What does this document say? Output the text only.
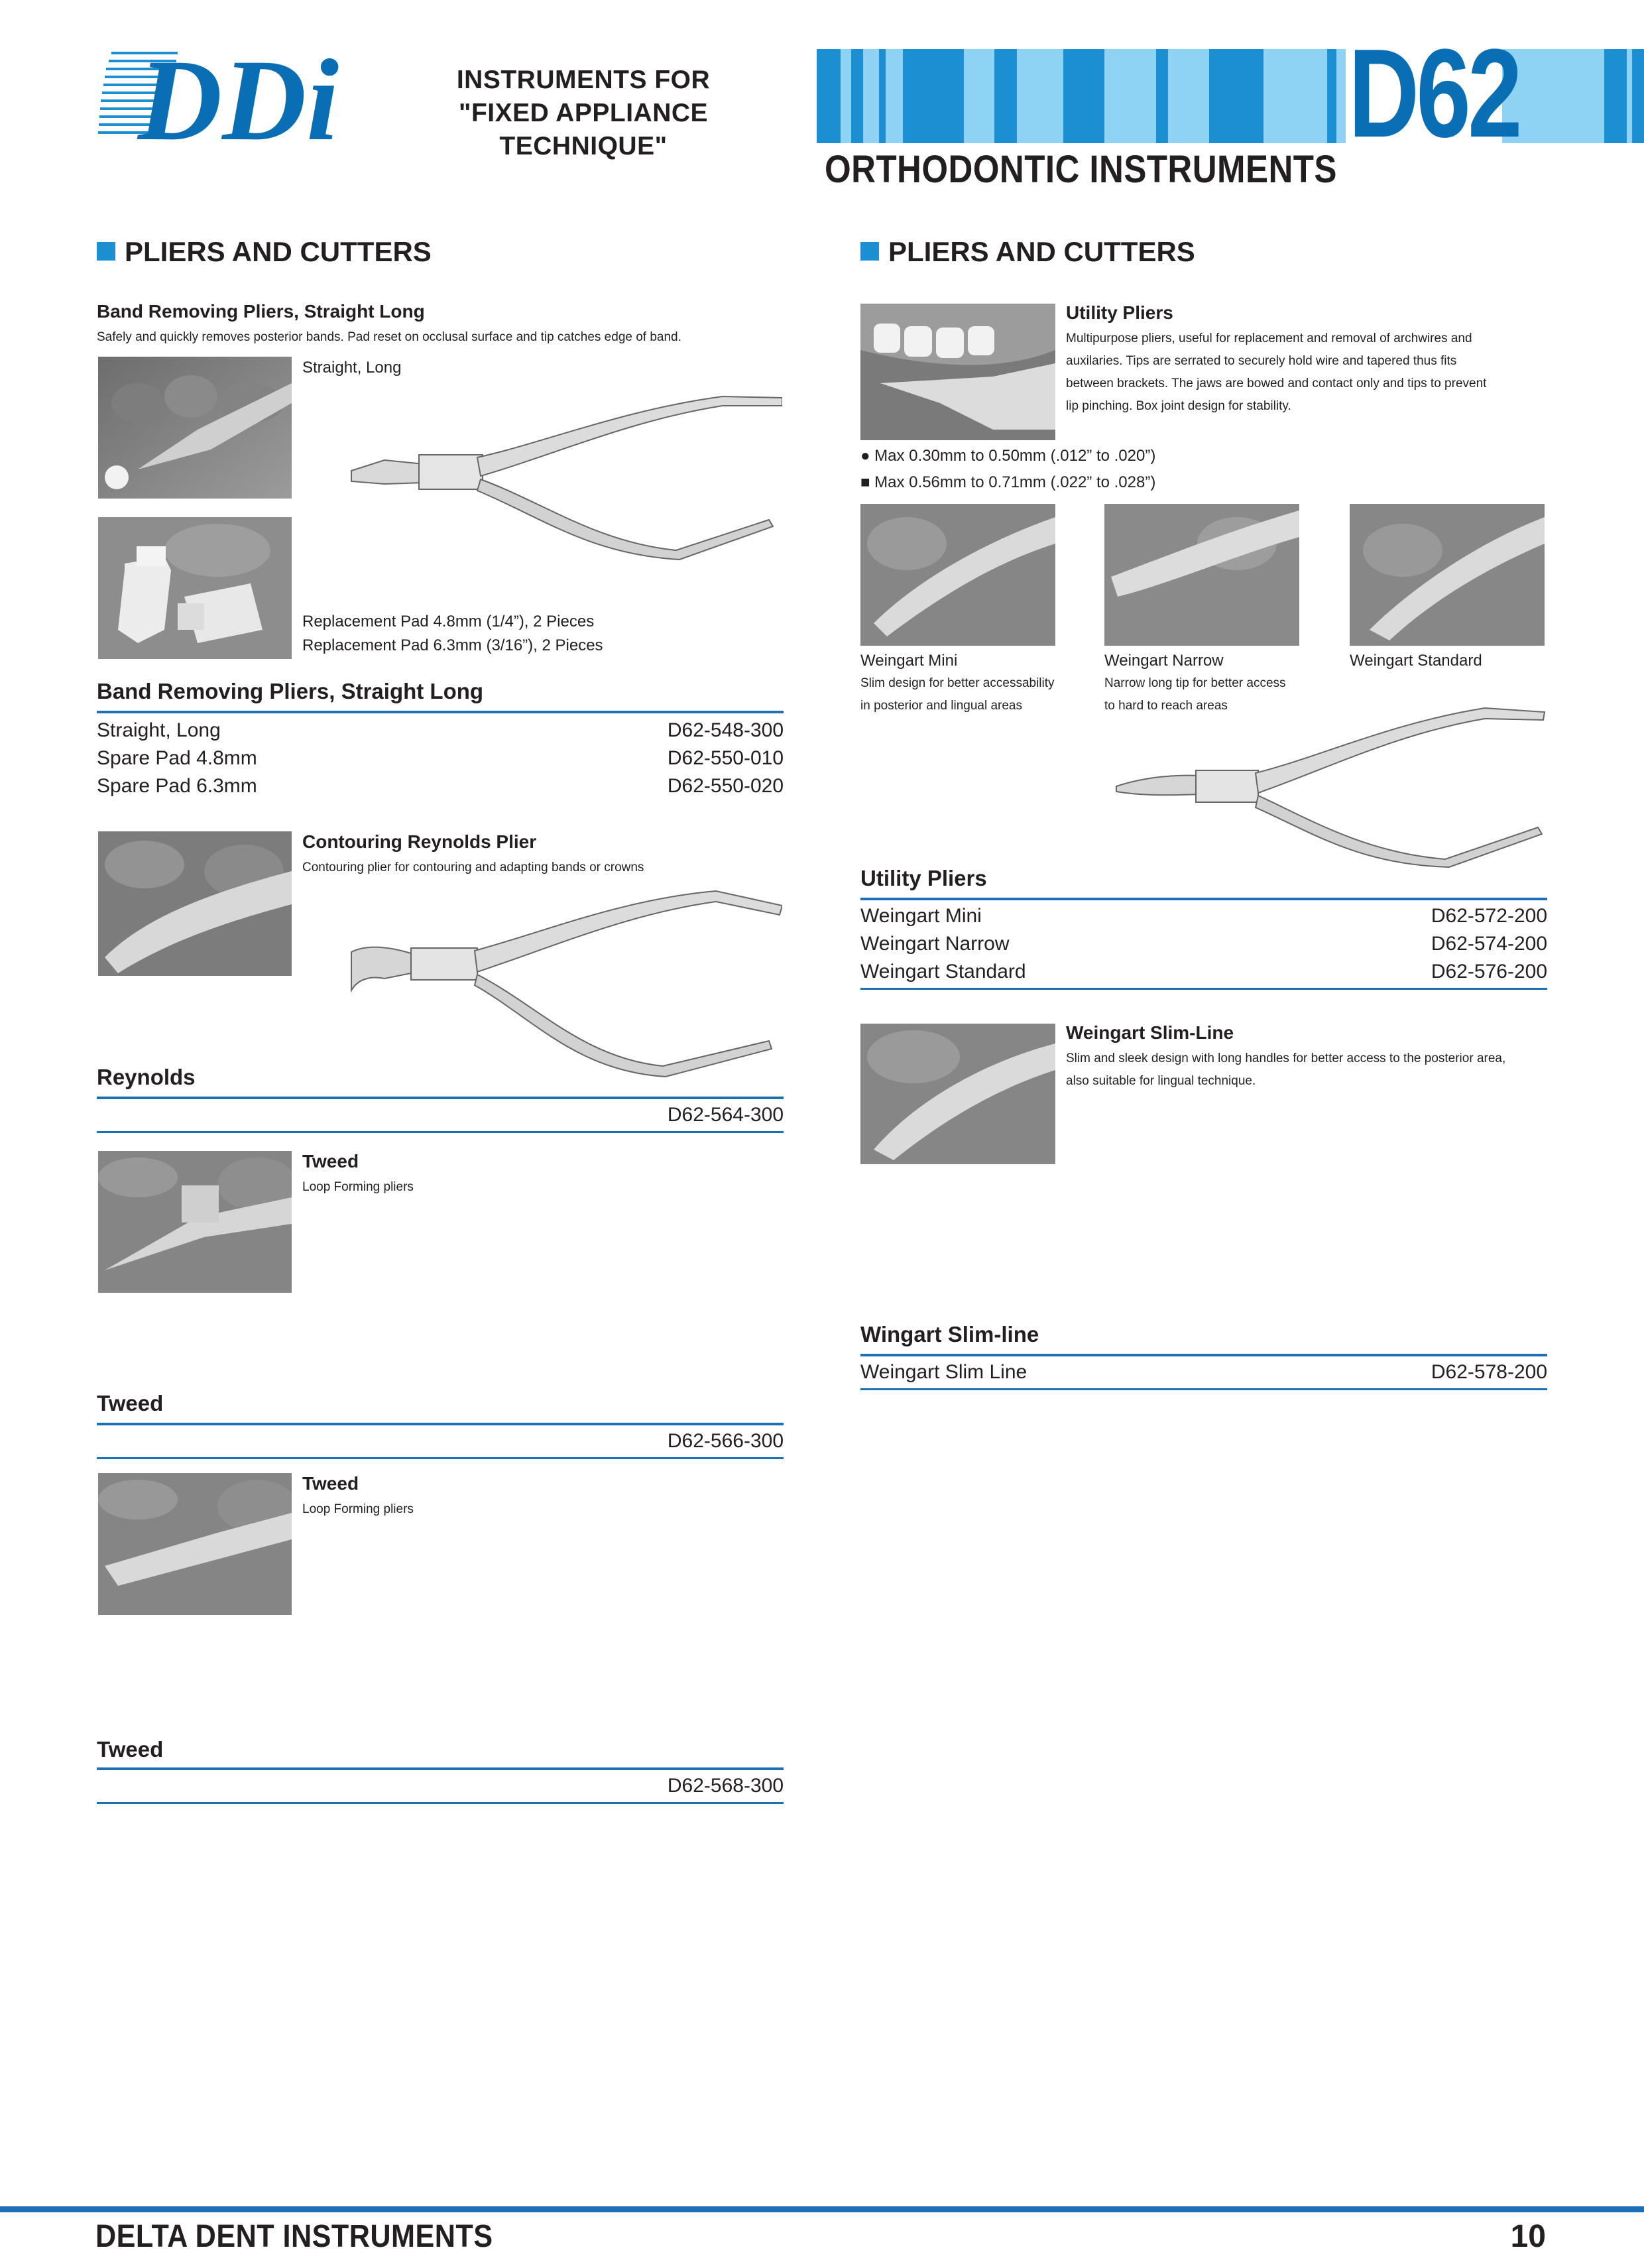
DDi	INSTRUMENTS FOR
"FIXED APPLIANCE TECHNIQUE"	D62
ORTHODONTIC INSTRUMENTS
PLIERS AND CUTTERS
Band Removing Pliers, Straight Long
Safely and quickly removes posterior bands. Pad reset on occlusal surface and tip catches edge of band.
Straight, Long
Replacement Pad 4.8mm (1/4”), 2 Pieces
Replacement Pad 6.3mm (3/16”), 2 Pieces
Band Removing Pliers, Straight Long
Straight, Long	D62-548-300
Spare Pad 4.8mm	D62-550-010
Spare Pad 6.3mm	D62-550-020
Contouring Reynolds Plier
Contouring plier for contouring and adapting bands or crowns
Reynolds
D62-564-300
Tweed
Loop Forming pliers
Tweed
D62-566-300
Tweed
Loop Forming pliers
Tweed
D62-568-300
PLIERS AND CUTTERS
Utility Pliers
Multipurpose pliers, useful for replacement and removal of archwires and
auxilaries. Tips are serrated to securely hold wire and tapered thus fits
between brackets. The jaws are bowed and contact only and tips to prevent
lip pinching. Box joint design for stability.
● Max 0.30mm to 0.50mm (.012” to .020”)
■ Max 0.56mm to 0.71mm (.022” to .028”)
Weingart Mini
Slim design for better accessability
in posterior and lingual areas
Weingart Narrow
Narrow long tip for better access
to hard to reach areas
Weingart Standard
Utility Pliers
Weingart Mini	D62-572-200
Weingart Narrow	D62-574-200
Weingart Standard	D62-576-200
Weingart Slim-Line
Slim and sleek design with long handles for better access to the posterior area,
also suitable for lingual technique.
Wingart Slim-line
Weingart Slim Line	D62-578-200
DELTA DENT INSTRUMENTS	10
